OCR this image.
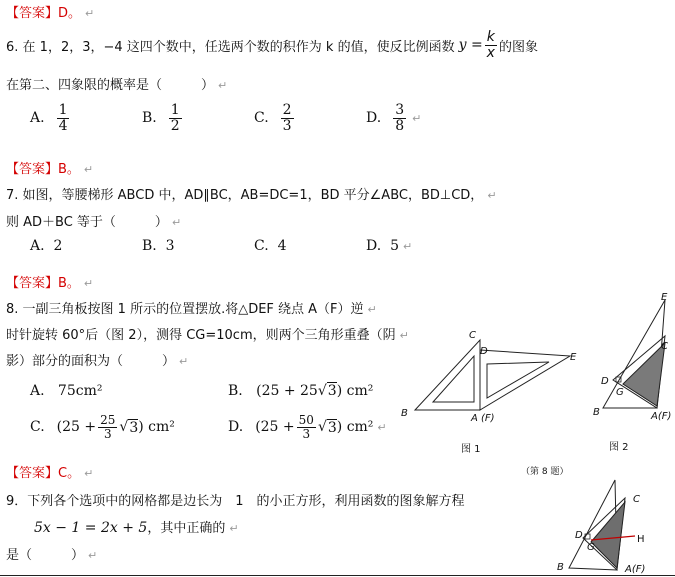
【答案】D。 ↵
6. 在 1，2，3，−4 这四个数中，任选两个数的积作为 k 的值，使反比例函数 $y = \frac{k}{x}$ 的图象
在第二、四象限的概率是（　　　） ↵
A. $\frac{1}{4}$	B. $\frac{1}{2}$	C. $\frac{2}{3}$	D. $\frac{3}{8}$ ↵
【答案】B。 ↵
7. 如图，等腰梯形 ABCD 中，AD∥BC，AB=DC=1，BD 平分∠ABC，BD⊥CD， ↵
则 AD＋BC 等于（　　　） ↵
A. 2	B. 3	C. 4	D. 5 ↵
【答案】B。 ↵
8. 一副三角板按图 1 所示的位置摆放.将△DEF 绕点 A（F）逆 ↵
时针旋转 60°后（图 2），测得 CG=10cm，则两个三角形重叠（阴 ↵
影）部分的面积为（　　　） ↵
A. 75cm²	B. (25 + 25√3) cm²
C. ($25 + \frac{25}{3}$ √ 3 ) cm²	D. ($25 + \frac{50}{3}$ √ 3 ) cm² ↵
C
D
E
B	A (F)
图 1
E
C
D
G
B	A(F)
图 2
（第 8 题）
【答案】C。 ↵
9．下列各个选项中的网格都是边长为　1　的小正方形，利用函数的图象解方程
5x − 1 = 2x + 5，其中正确的 ↵
是（　　　） ↵
C
D
G
H
B	A(F)
